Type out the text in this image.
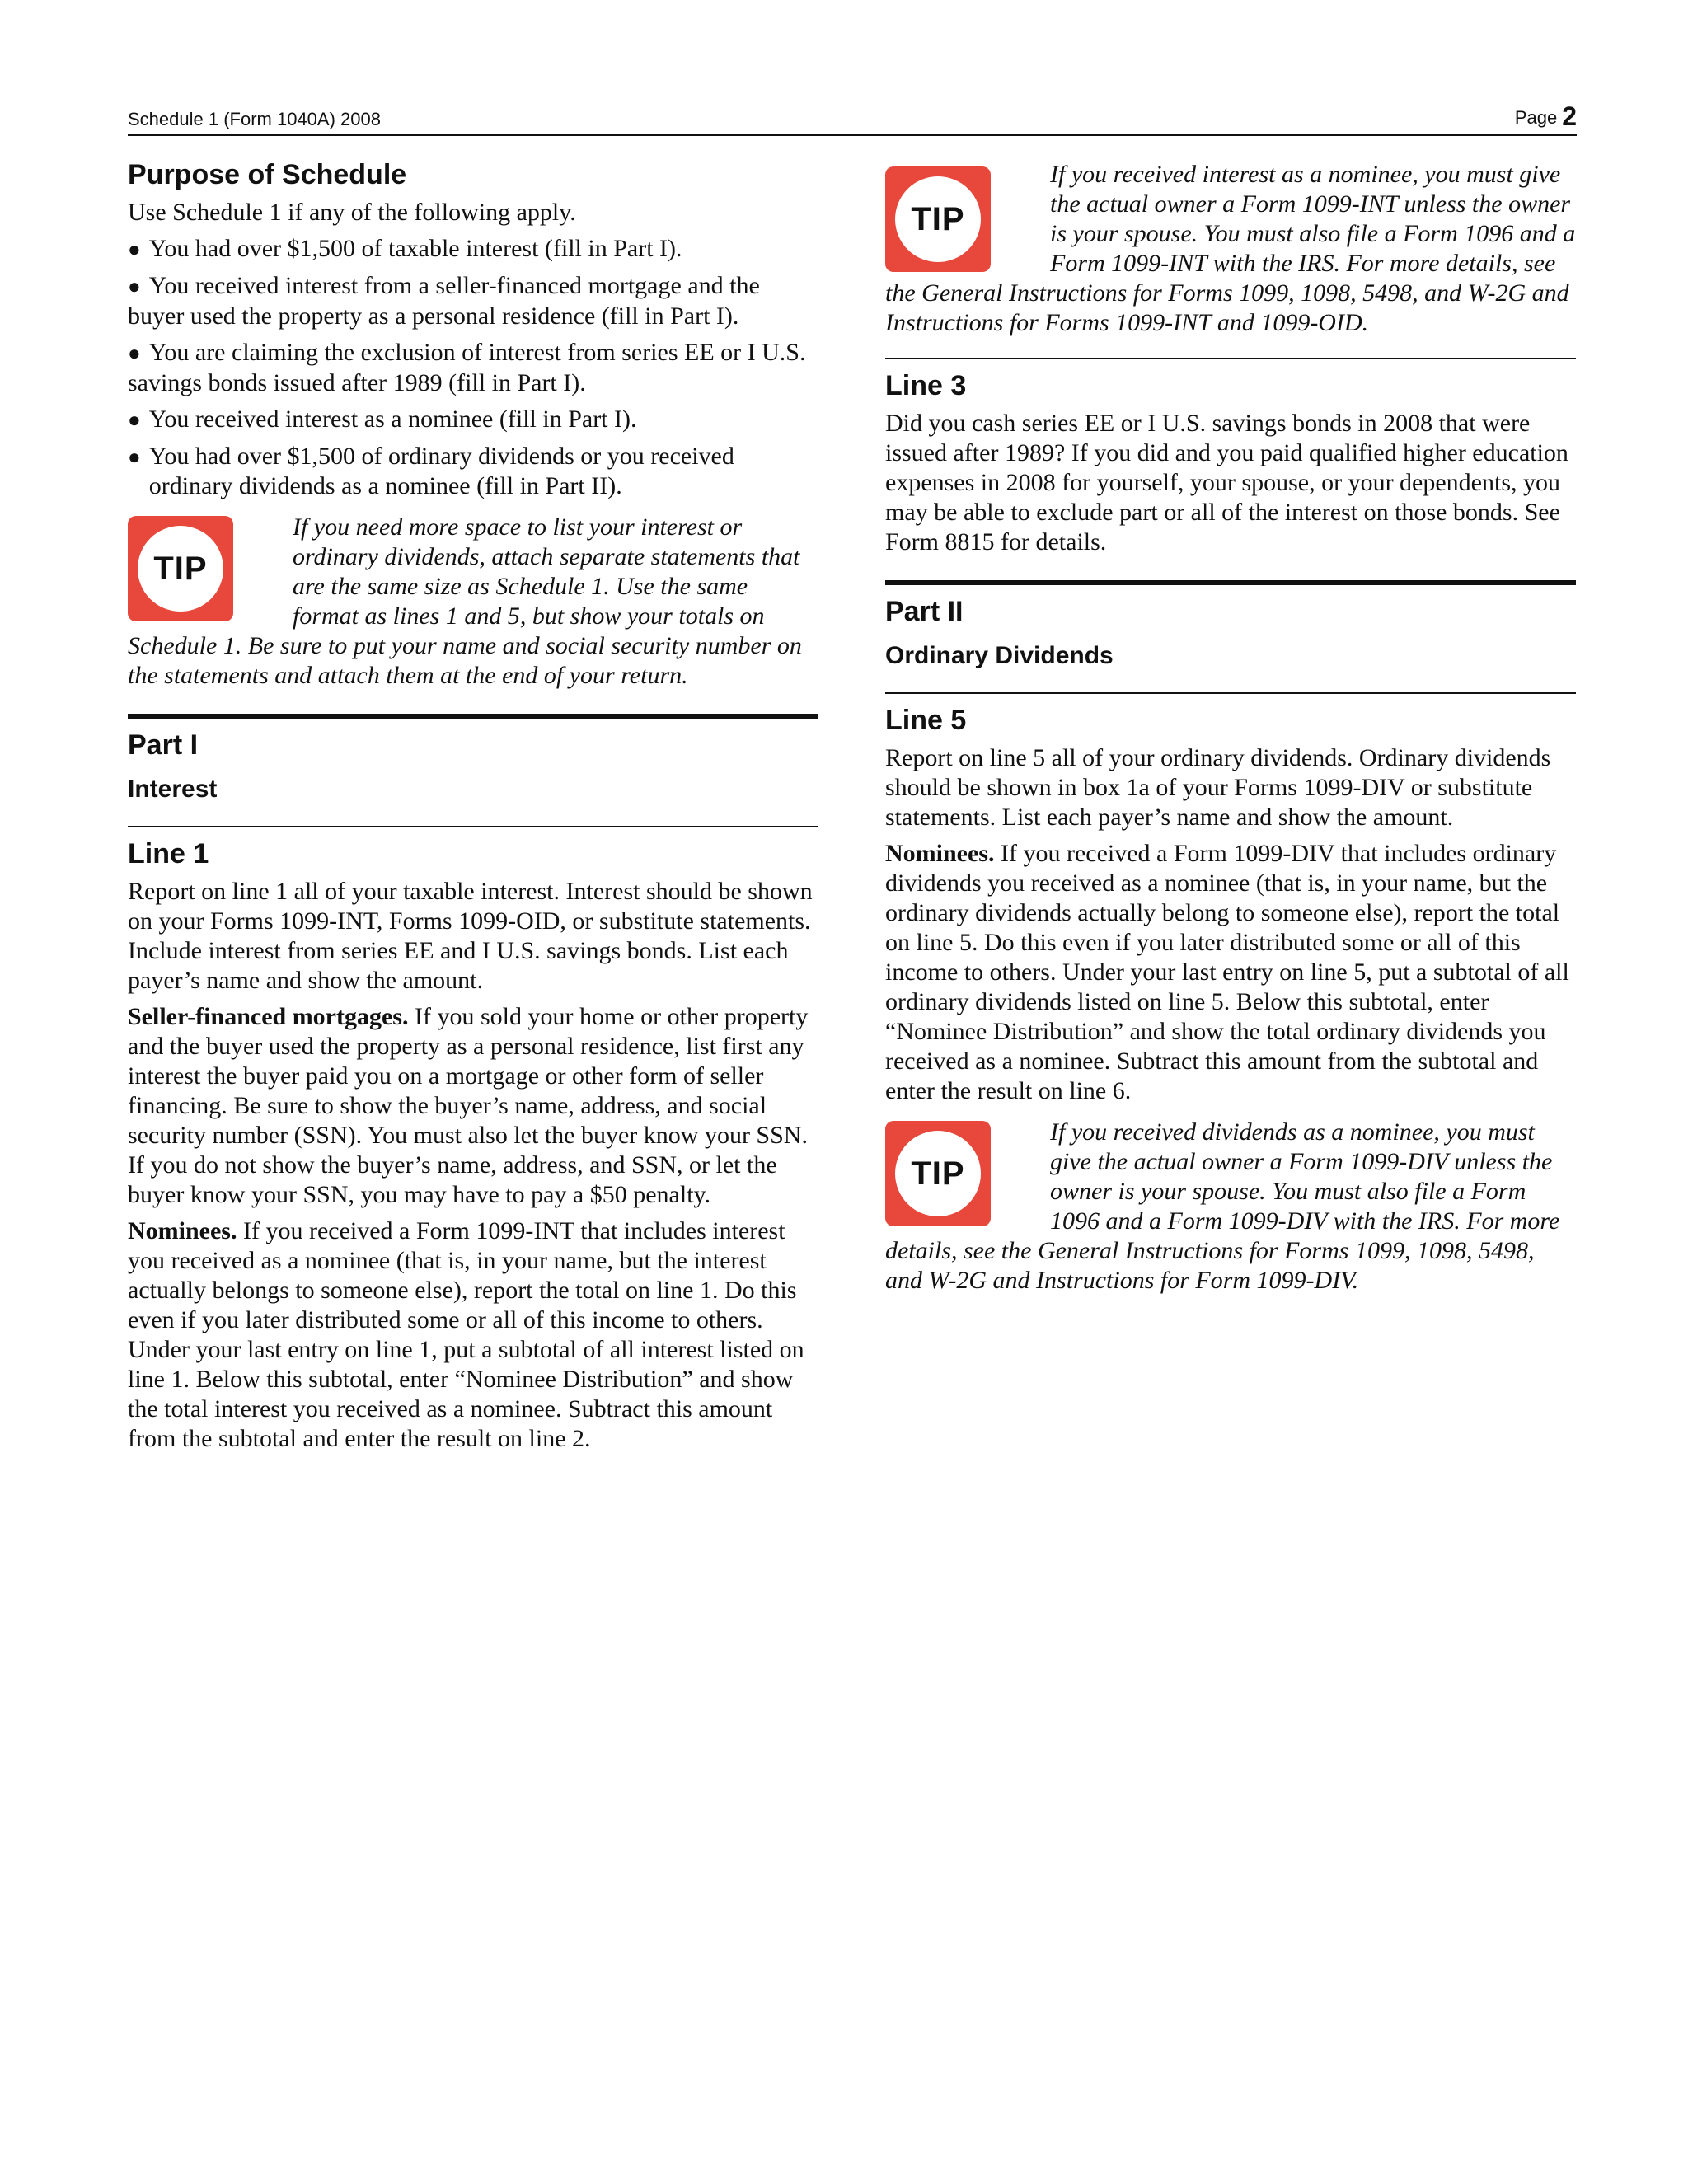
Schedule 1 (Form 1040A) 2008	Page 2
Purpose of Schedule

Use Schedule 1 if any of the following apply.

● You had over $1,500 of taxable interest (fill in Part I).
● You received interest from a seller-financed mortgage and the buyer used the property as a personal residence (fill in Part I).
● You are claiming the exclusion of interest from series EE or I U.S. savings bonds issued after 1989 (fill in Part I).
● You received interest as a nominee (fill in Part I).
● You had over $1,500 of ordinary dividends or you received ordinary dividends as a nominee (fill in Part II).
TIP
If you need more space to list your interest or ordinary dividends, attach separate statements that are the same size as Schedule 1. Use the same format as lines 1 and 5, but show your totals on Schedule 1. Be sure to put your name and social security number on the statements and attach them at the end of your return.
Part I
Interest
Line 1

Report on line 1 all of your taxable interest. Interest should be shown on your Forms 1099-INT, Forms 1099-OID, or substitute statements. Include interest from series EE and I U.S. savings bonds. List each payer’s name and show the amount.

Seller-financed mortgages. If you sold your home or other property and the buyer used the property as a personal residence, list first any interest the buyer paid you on a mortgage or other form of seller financing. Be sure to show the buyer’s name, address, and social security number (SSN). You must also let the buyer know your SSN. If you do not show the buyer’s name, address, and SSN, or let the buyer know your SSN, you may have to pay a $50 penalty.

Nominees. If you received a Form 1099-INT that includes interest you received as a nominee (that is, in your name, but the interest actually belongs to someone else), report the total on line 1. Do this even if you later distributed some or all of this income to others. Under your last entry on line 1, put a subtotal of all interest listed on line 1. Below this subtotal, enter “Nominee Distribution” and show the total interest you received as a nominee. Subtract this amount from the subtotal and enter the result on line 2.

TIP
If you received interest as a nominee, you must give the actual owner a Form 1099-INT unless the owner is your spouse. You must also file a Form 1096 and a Form 1099-INT with the IRS. For more details, see the General Instructions for Forms 1099, 1098, 5498, and W-2G and Instructions for Forms 1099-INT and 1099-OID.
Line 3

Did you cash series EE or I U.S. savings bonds in 2008 that were issued after 1989? If you did and you paid qualified higher education expenses in 2008 for yourself, your spouse, or your dependents, you may be able to exclude part or all of the interest on those bonds. See Form 8815 for details.

Part II
Ordinary Dividends
Line 5

Report on line 5 all of your ordinary dividends. Ordinary dividends should be shown in box 1a of your Forms 1099-DIV or substitute statements. List each payer’s name and show the amount.

Nominees. If you received a Form 1099-DIV that includes ordinary dividends you received as a nominee (that is, in your name, but the ordinary dividends actually belong to someone else), report the total on line 5. Do this even if you later distributed some or all of this income to others. Under your last entry on line 5, put a subtotal of all ordinary dividends listed on line 5. Below this subtotal, enter “Nominee Distribution” and show the total ordinary dividends you received as a nominee. Subtract this amount from the subtotal and enter the result on line 6.

TIP
If you received dividends as a nominee, you must give the actual owner a Form 1099-DIV unless the owner is your spouse. You must also file a Form 1096 and a Form 1099-DIV with the IRS. For more details, see the General Instructions for Forms 1099, 1098, 5498, and W-2G and Instructions for Form 1099-DIV.
